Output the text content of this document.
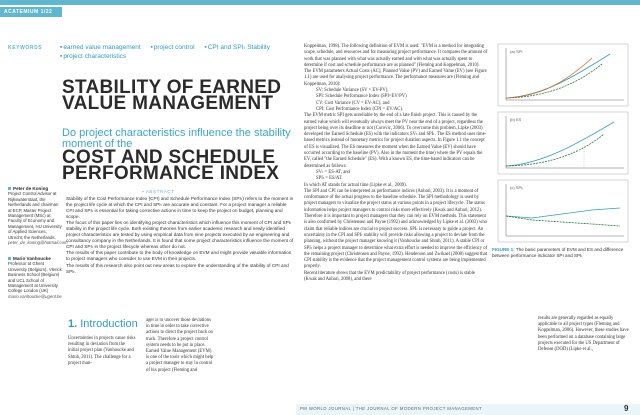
ACATEMIUM 1/22
KEYWORDS	▪earned value management ▪project control ▪CPI and SPIₜ Stability ▪project characteristics
STABILITY OF EARNED VALUE MANAGEMENT
Do project characteristics influence the stability moment of the
COST AND SCHEDULE PERFORMANCE INDEX
Peter de Koning
Project Control Advisor at Rijkswaterstaat, the Netherlands and chairman at ECP, Master Project Management (MSc) at Faculty of Economy and Management, HU University of Applied Sciences, Utrecht, the Netherlands.
peter_de_koning@hotmail.com
Mario Vanhoucke
Professor at Ghent University (Belgium), Vlerick Business School (Belgium) and UCL School of Management at University College London (UK)
mario.vanhoucke@ugent.be
▪ ABSTRACT

Stability of the Cost Performance Index (CPI) and Schedule Performance Index (SPIₜ) refers to the moment in the project life cycle at which the CPI and SPIₜ are accurate and constant. For a project manager a reliable CPI and SPIₜ is essential for taking corrective actions in time to keep the project on budget, planning and scope.

The focus of this paper lies on identifying project characteristics which influence this moment of CPI and SPIₜ stability in the project life cycle. Both existing theories from earlier academic research and newly identified project characteristics are tested by using empirical data from nine projects executed by an engineering and consultancy company in the Netherlands. It is found that some project characteristics influence the moment of CPI and SPIₜ in the project lifecycle whereas other do not.

The results of this paper contribute to the body of knowledge on EVM and might provide valuable information to project managers who consider to use EVM in their projects.

The results of this research also point out new areas to explore the understanding of the stability of CPI and SPIₜ.

1. Introduction
Uncertainties in projects cause risks resulting in deviation from the initial project plan (Vanhoucke and Shtub, 2011). The challenge for a project man-
ager is to uncover those deviations in time in order to take corrective actions to direct the project back on track. Therefore a project control system needs to be put in place. Earned Value Management (EVM) is one of the tools which might help a project manager to stay in control of his project (Fleming and

Koppelman, 1998). The following definition of EVM is used: "EVM is a method for integrating scope, schedule, and resources and for measuring project performance. It compares the amount of work that was planned with what was actually earned and with what was actually spent to determine if cost and schedule performance are as planned" (Fleming and Koppelman, 2010).

The EVM parameters Actual Costs (AC), Planned Value (PV) and Earned Value (EV) (see Figure 1.1) are used for analysing project performance. The performance measures are (Fleming and Koppelman, 2010):

SV: Schedule Variance (SV = EV-PV),

SPI: Schedule Performance Index (SPI=EV/PV)

CV: Cost Variance (CV = EV-AC), and

CPI: Cost Performance Index (CPI = EV/AC).

The EVM metric SPI gets unreliable by the end of a late finish project. This is caused by the earned value which will eventually always meet the PV near the end of a project, regardless the project being over its deadline or not (Corovic, 2006). To overcome this problem, Lipke (2003) developed the Earned Schedule (ES) with the indicators SVₜ and SPIₜ. The ES method uses time-based metrics instead of monetary metrics for project duration aspects. In Figure 1.1 the concept of ES is visualized. The ES measures the moment when the Earned Value (EV) should have occurred according to the baseline (PV). Also in the moment the time) where the PV equals the EV, called "the Earned Schedule" (ES). With a known ES, the time-based indicators can be determined as follows:

SVₜ = ES-AT, and

SPIₜ = ES/AT.

In which AT stands for actual time (Lipke et al., 2009).

The SPI and CPI can be interpreted as performance indices (Anbari, 2003). It is a moment of conformance of the actual progress to the baseline schedule. The SPI methodology is used by project managers to visualize the project status at various points in a project lifecycle. The status information helps project managers to control risks more effectively (Kwak and Anbari, 2012). Therefore it is important to project managers that they can rely on EVM methods. This statement is also confirmed by Christensen and Payne (1992) and acknowledged by Lipke et al. (2003) who claim that reliable indices are crucial to project success. SPIₜ is necessary to guide a project. An uncertainty in the CPI and SPIₜ stability will provide risks allowing a project to deviate from the planning, without the project manager knowing it (Vanhoucke and Shtub, 2011). A stable CPI or SPIₜ helps a project manager to determine what extra effort is needed to improve the efficiency of the remaining project (Christensen and Payne, 1992). Henderson and Zwikael (2008) suggest that CPI stability is the evidence that the project management control systems are being implemented properly.

Recent literature shows that the EVM predictability of project performance (costs) is stable (Kwak and Anbari, 2008), and there

(a) SPI
(b) ES
(c) SPIₜ
FIGURE 1: The basic parameters of EVM and ES and difference between performance indicator SPI and SPIₜ
results are generally regarded as equally applicable to all project types (Fleming and Koppelman, 2006). However, these studies have been performed on a database containing large projects executed for the US Department of Defense (DOD) (Lipke et al.,
PM WORLD JOURNAL | THE JOURNAL OF MODERN PROJECT MANAGEMENT	9
